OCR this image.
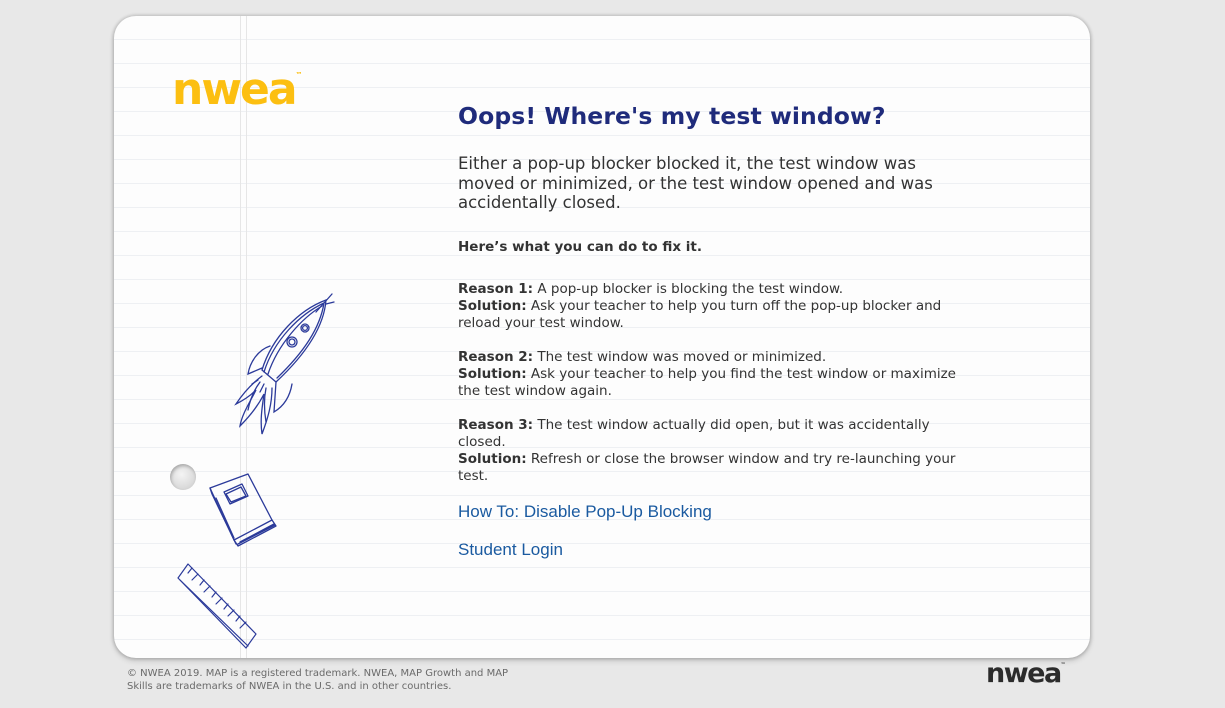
nwea™
Oops! Where's my test window?

Either a pop-up blocker blocked it, the test window was moved or minimized, or the test window opened and was accidentally closed.

Here’s what you can do to fix it.

Reason 1: A pop-up blocker is blocking the test window.
Solution: Ask your teacher to help you turn off the pop-up blocker and reload your test window.

Reason 2: The test window was moved or minimized.
Solution: Ask your teacher to help you find the test window or maximize the test window again.

Reason 3: The test window actually did open, but it was accidentally closed.
Solution: Refresh or close the browser window and try re-launching your test.

How To: Disable Pop-Up Blocking
Student Login
© NWEA 2019. MAP is a registered trademark. NWEA, MAP Growth and MAP Skills are trademarks of NWEA in the U.S. and in other countries.	nwea™
